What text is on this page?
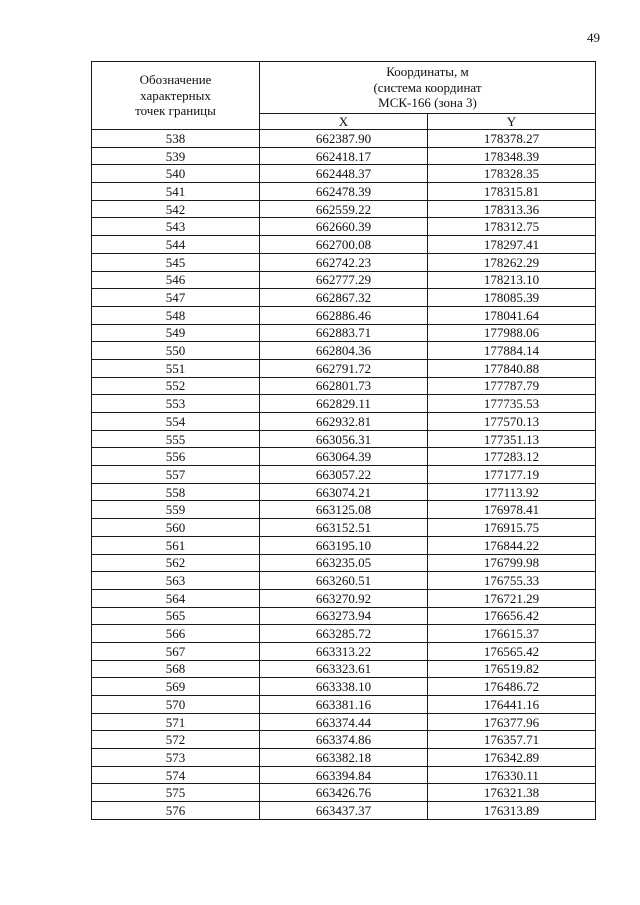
49
Обозначение
характерных
точек границы	Координаты, м
(система координат
МСК-166 (зона 3)	
	X	Y
538	662387.90	178378.27
539	662418.17	178348.39
540	662448.37	178328.35
541	662478.39	178315.81
542	662559.22	178313.36
543	662660.39	178312.75
544	662700.08	178297.41
545	662742.23	178262.29
546	662777.29	178213.10
547	662867.32	178085.39
548	662886.46	178041.64
549	662883.71	177988.06
550	662804.36	177884.14
551	662791.72	177840.88
552	662801.73	177787.79
553	662829.11	177735.53
554	662932.81	177570.13
555	663056.31	177351.13
556	663064.39	177283.12
557	663057.22	177177.19
558	663074.21	177113.92
559	663125.08	176978.41
560	663152.51	176915.75
561	663195.10	176844.22
562	663235.05	176799.98
563	663260.51	176755.33
564	663270.92	176721.29
565	663273.94	176656.42
566	663285.72	176615.37
567	663313.22	176565.42
568	663323.61	176519.82
569	663338.10	176486.72
570	663381.16	176441.16
571	663374.44	176377.96
572	663374.86	176357.71
573	663382.18	176342.89
574	663394.84	176330.11
575	663426.76	176321.38
576	663437.37	176313.89
